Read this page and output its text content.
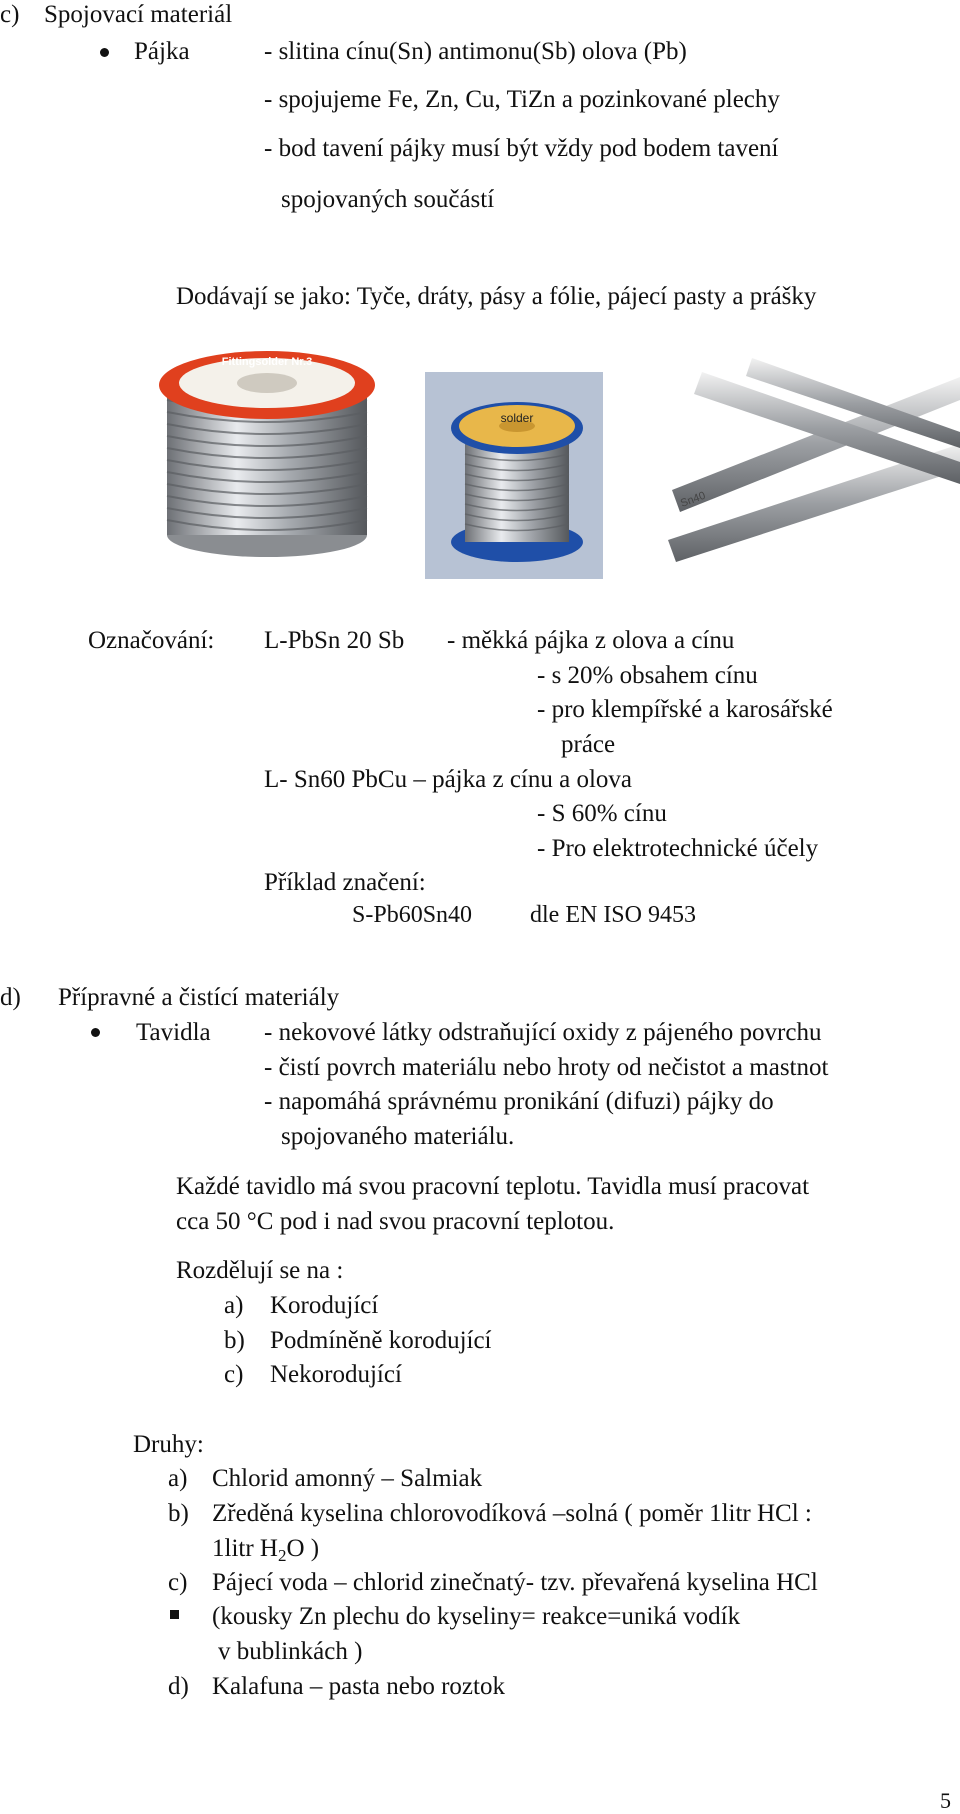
c) Spojovací materiál
Pájka	- slitina cínu(Sn) antimonu(Sb) olova (Pb)
- spojujeme Fe, Zn, Cu, TiZn a pozinkované plechy
- bod tavení pájky musí být vždy pod bodem tavení
spojovaných součástí
Dodávají se jako: Tyče, dráty, pásy a fólie, pájecí pasty a prášky
Fittingsolder Nr.3
solder
Sn40
Označování: L-PbSn 20 Sb - měkká pájka z olova a cínu
- s 20% obsahem cínu
- pro klempířské a karosářské
práce
L- Sn60 PbCu – pájka z cínu a olova
- S 60% cínu
- Pro elektrotechnické účely
Příklad značení:
S-Pb60Sn40 dle EN ISO 9453
d) Přípravné a čistící materiály
Tavidla - nekovové látky odstraňující oxidy z pájeného povrchu
- čistí povrch materiálu nebo hroty od nečistot a mastnot
- napomáhá správnému pronikání (difuzi) pájky do
spojovaného materiálu.
Každé tavidlo má svou pracovní teplotu. Tavidla musí pracovat
cca 50 °C pod i nad svou pracovní teplotou.
Rozdělují se na :
a) Korodující
b) Podmíněně korodující
c) Nekorodující
Druhy:
a) Chlorid amonný – Salmiak
b) Zředěná kyselina chlorovodíková –solná ( poměr 1litr HCl :
1litr $H_2O$ )
c) Pájecí voda – chlorid zinečnatý- tzv. převařená kyselina HCl
(kousky Zn plechu do kyseliny= reakce=uniká vodík
v bublinkách )
d) Kalafuna – pasta nebo roztok
5
